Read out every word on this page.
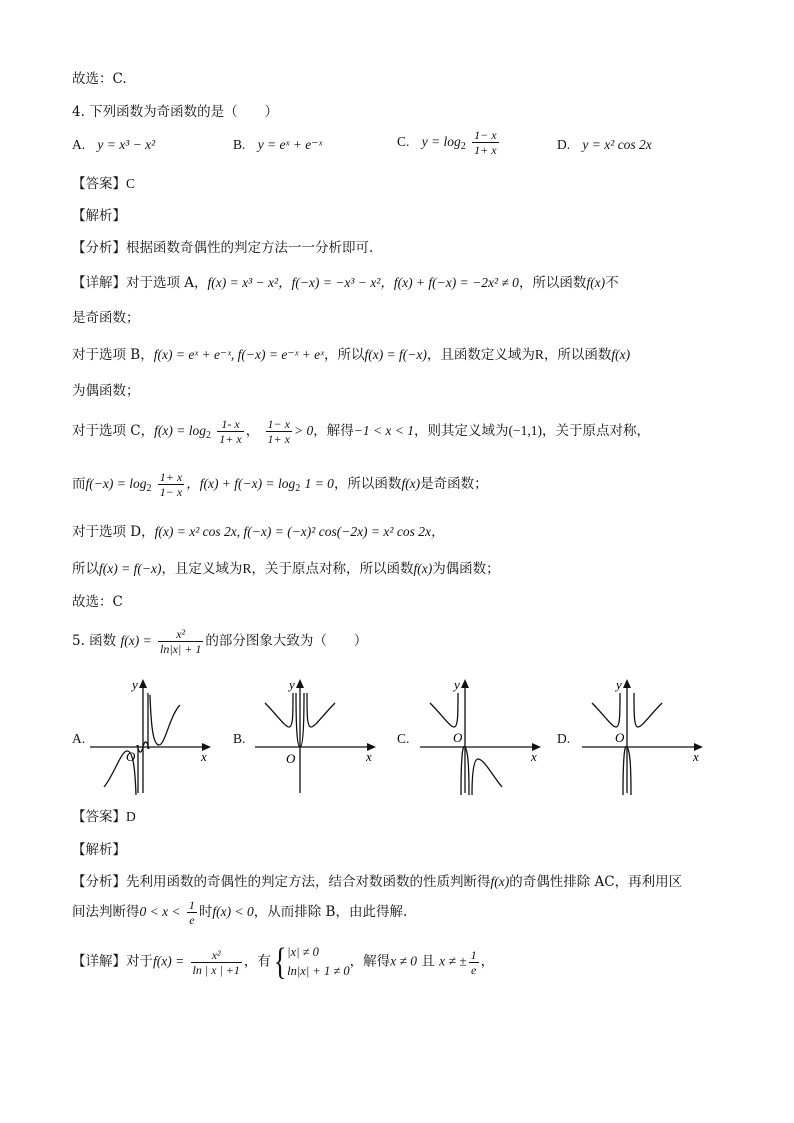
故选：C.
4. 下列函数为奇函数的是（　　）
A. y = x³ − x²	B. y = eˣ + e⁻ˣ	C. $y = \log_2 \frac{1- x}{1+ x}$	D. y = x² cos 2x
【答案】C
【解析】
【分析】根据函数奇偶性的判定方法一一分析即可.
【详解】对于选项 A，f(x) = x³ − x²，f(−x) = −x³ − x²，f(x) + f(−x) = −2x² ≠ 0，所以函数f(x)不
是奇函数；
对于选项 B，f(x) = eˣ + e⁻ˣ, f(−x) = e⁻ˣ + eˣ，所以f(x) = f(−x)，且函数定义域为R，所以函数f(x)
为偶函数；
对于选项 C，$f(x) = \log_2 \frac{1- x}{1+ x}$ ， $\frac{1- x}{1+ x} > 0$，解得−1 < x < 1，则其定义域为(−1,1)，关于原点对称，
而$f(-x) = \log_2 \frac{1+ x}{1- x}$ ，$f(x) + f(-x) = \log_2 1 = 0$，所以函数f(x)是奇函数；
对于选项 D，f(x) = x² cos 2x, f(−x) = (−x)² cos(−2x) = x² cos 2x，
所以f(x) = f(−x)，且定义域为R，关于原点对称，所以函数f(x)为偶函数；
故选：C
5. 函数 $f(x) = \frac{\text{x²}}{\ln|x| + 1}$ 的部分图象大致为（　　）
A.	B.	C.	D.
y
x
O
y
x
O
y
x
O
y
x
O
【答案】D
【解析】
【分析】先利用函数的奇偶性的判定方法，结合对数函数的性质判断得f(x)的奇偶性排除 AC，再利用区
间法判断得$0 < x < \frac{1}{e}$ 时f(x) < 0，从而排除 B，由此得解.
【详解】对于$f(x) = \frac{\text{x²}}{\ln | x | +1}$ ，有{ |x| ≠ 0
ln|x| + 1 ≠ 0
，解得x ≠ 0 且 x ≠ ± $\frac{1}{e}$ ，
